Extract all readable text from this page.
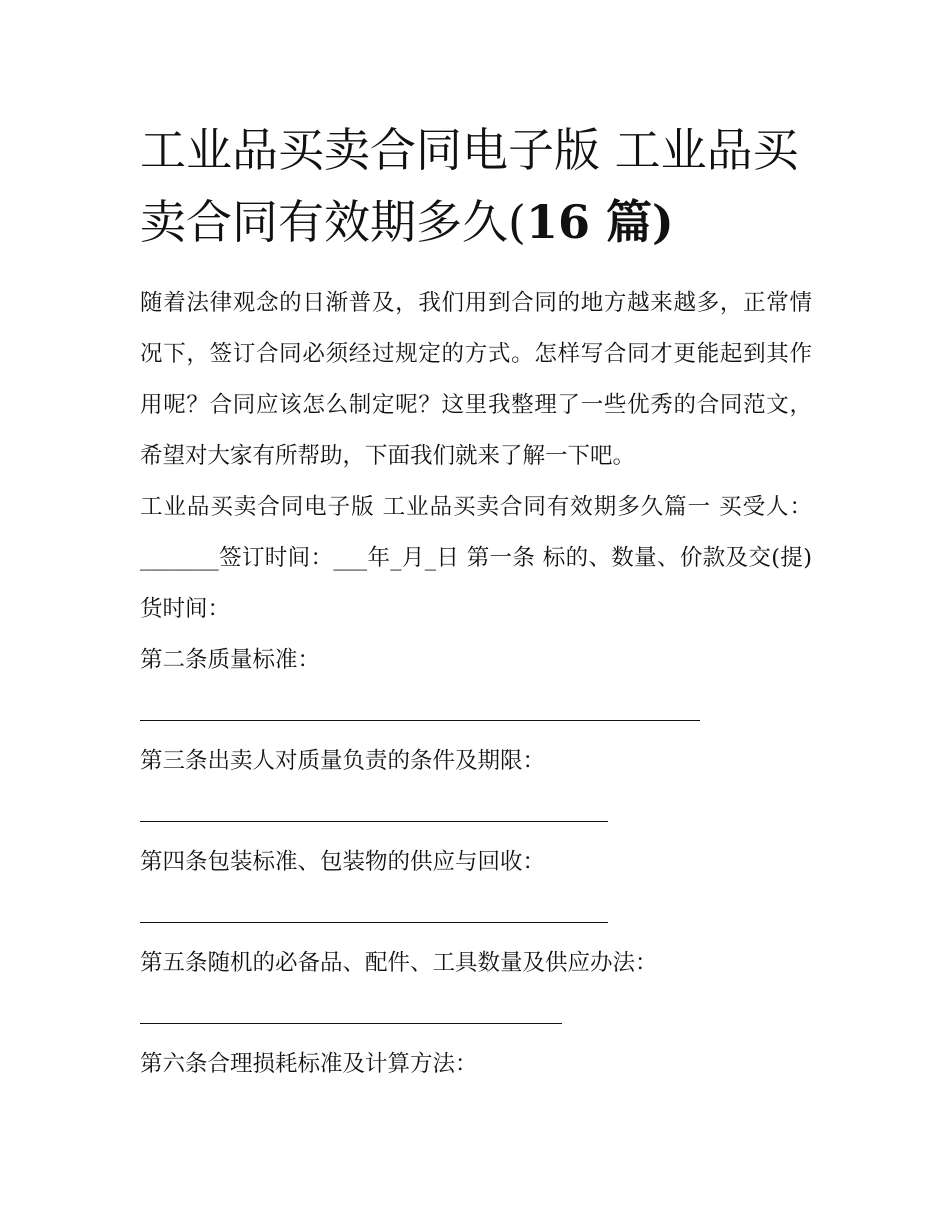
工业品买卖合同电子版 工业品买卖合同有效期多久(16 篇)

随着法律观念的日渐普及，我们用到合同的地方越来越多，正常情况下，签订合同必须经过规定的方式。怎样写合同才更能起到其作用呢？合同应该怎么制定呢？这里我整理了一些优秀的合同范文，希望对大家有所帮助，下面我们就来了解一下吧。

工业品买卖合同电子版 工业品买卖合同有效期多久篇一 买受人：_______签订时间：___年_月_日 第一条 标的、数量、价款及交(提)货时间：

第二条质量标准：

第三条出卖人对质量负责的条件及期限：

第四条包装标准、包装物的供应与回收：

第五条随机的必备品、配件、工具数量及供应办法：

第六条合理损耗标准及计算方法：
